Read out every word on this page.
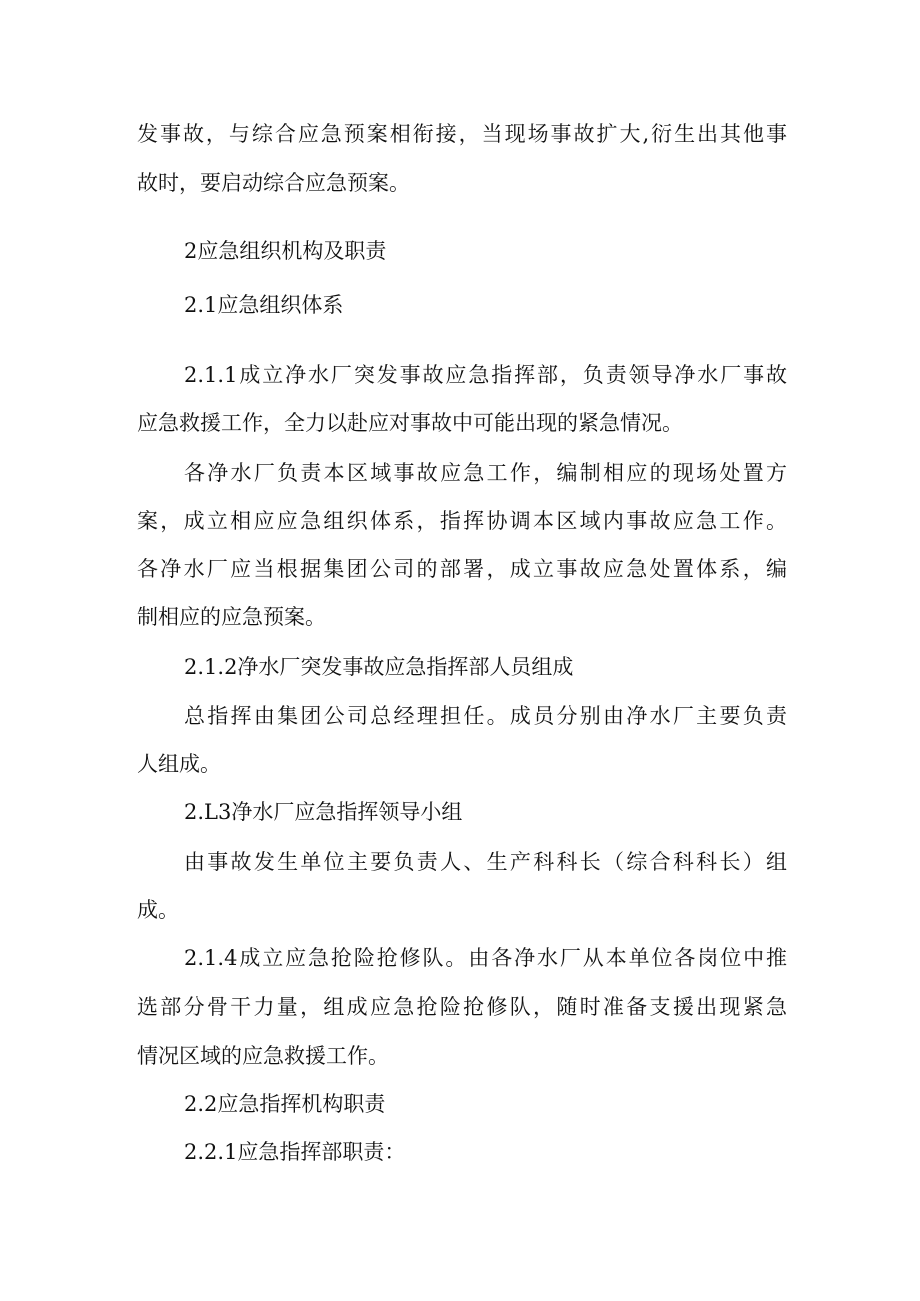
发事故，与综合应急预案相衔接，当现场事故扩大,衍生出其他事
故时，要启动综合应急预案。
2应急组织机构及职责
2.1应急组织体系
2.1.1成立净水厂突发事故应急指挥部，负责领导净水厂事故
应急救援工作，全力以赴应对事故中可能出现的紧急情况。
各净水厂负责本区域事故应急工作，编制相应的现场处置方
案，成立相应应急组织体系，指挥协调本区域内事故应急工作。
各净水厂应当根据集团公司的部署，成立事故应急处置体系，编
制相应的应急预案。
2.1.2净水厂突发事故应急指挥部人员组成
总指挥由集团公司总经理担任。成员分别由净水厂主要负责
人组成。
2.L3净水厂应急指挥领导小组
由事故发生单位主要负责人、生产科科长（综合科科长）组
成。
2.1.4成立应急抢险抢修队。由各净水厂从本单位各岗位中推
选部分骨干力量，组成应急抢险抢修队，随时准备支援出现紧急
情况区域的应急救援工作。
2.2应急指挥机构职责
2.2.1应急指挥部职责：
